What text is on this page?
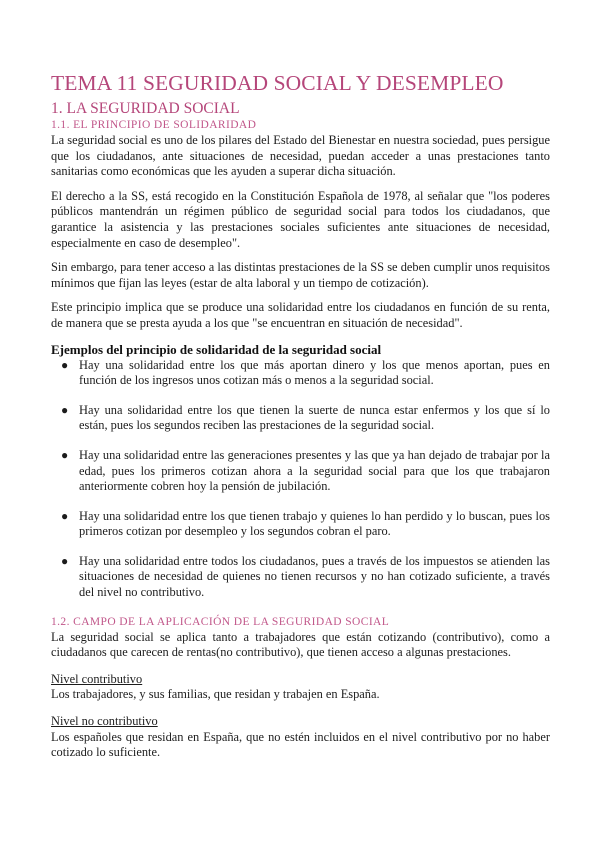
TEMA 11 SEGURIDAD SOCIAL Y DESEMPLEO
1. LA SEGURIDAD SOCIAL
1.1. EL PRINCIPIO DE SOLIDARIDAD

La seguridad social es uno de los pilares del Estado del Bienestar en nuestra sociedad, pues persigue que los ciudadanos, ante situaciones de necesidad, puedan acceder a unas prestaciones tanto sanitarias como económicas que les ayuden a superar dicha situación.

El derecho a la SS, está recogido en la Constitución Española de 1978, al señalar que "los poderes públicos mantendrán un régimen público de seguridad social para todos los ciudadanos, que garantice la asistencia y las prestaciones sociales suficientes ante situaciones de necesidad, especialmente en caso de desempleo".

Sin embargo, para tener acceso a las distintas prestaciones de la SS se deben cumplir unos requisitos mínimos que fijan las leyes (estar de alta laboral y un tiempo de cotización).

Este principio implica que se produce una solidaridad entre los ciudadanos en función de su renta, de manera que se presta ayuda a los que "se encuentran en situación de necesidad".

Ejemplos del principio de solidaridad de la seguridad social
● Hay una solidaridad entre los que más aportan dinero y los que menos aportan, pues en función de los ingresos unos cotizan más o menos a la seguridad social.
● Hay una solidaridad entre los que tienen la suerte de nunca estar enfermos y los que sí lo están, pues los segundos reciben las prestaciones de la seguridad social.
● Hay una solidaridad entre las generaciones presentes y las que ya han dejado de trabajar por la edad, pues los primeros cotizan ahora a la seguridad social para que los que trabajaron anteriormente cobren hoy la pensión de jubilación.
● Hay una solidaridad entre los que tienen trabajo y quienes lo han perdido y lo buscan, pues los primeros cotizan por desempleo y los segundos cobran el paro.
● Hay una solidaridad entre todos los ciudadanos, pues a través de los impuestos se atienden las situaciones de necesidad de quienes no tienen recursos y no han cotizado suficiente, a través del nivel no contributivo.
1.2. CAMPO DE LA APLICACIÓN DE LA SEGURIDAD SOCIAL

La seguridad social se aplica tanto a trabajadores que están cotizando (contributivo), como a ciudadanos que carecen de rentas(no contributivo), que tienen acceso a algunas prestaciones.

Nivel contributivo

Los trabajadores, y sus familias, que residan y trabajen en España.

Nivel no contributivo

Los españoles que residan en España, que no estén incluidos en el nivel contributivo por no haber cotizado lo suficiente.
